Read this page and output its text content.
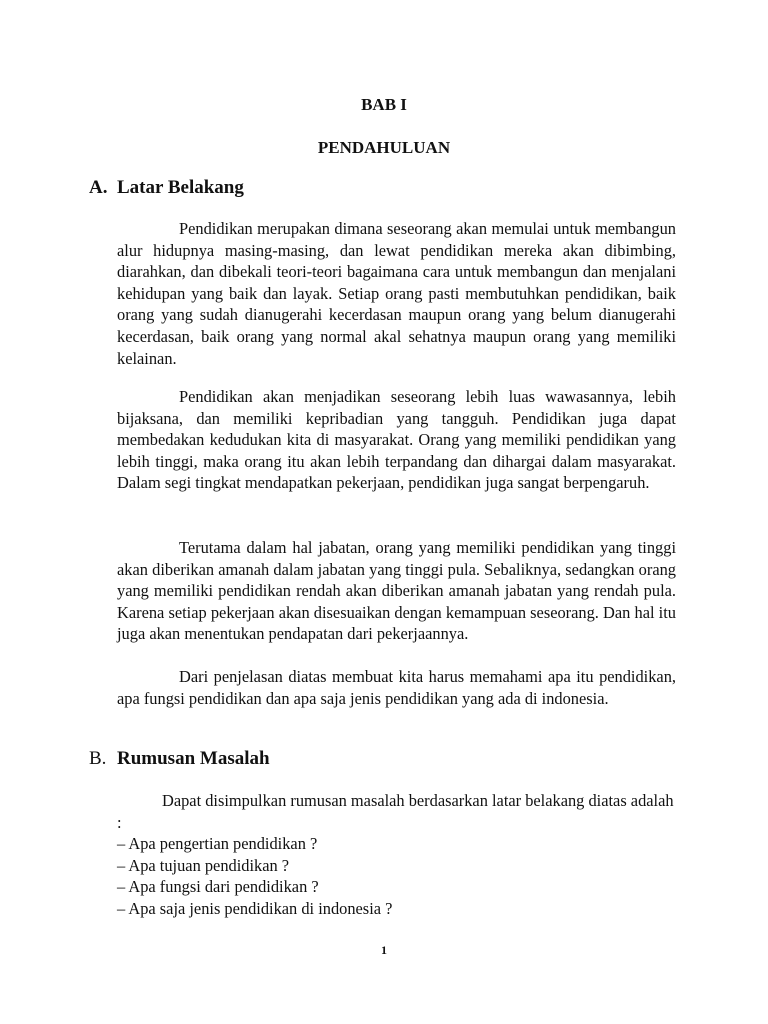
BAB I
PENDAHULUAN
A. Latar Belakang

Pendidikan merupakan dimana seseorang akan memulai untuk membangun alur hidupnya masing-masing, dan lewat pendidikan mereka akan dibimbing, diarahkan, dan dibekali teori-teori bagaimana cara untuk membangun dan menjalani kehidupan yang baik dan layak. Setiap orang pasti membutuhkan pendidikan, baik orang yang sudah dianugerahi kecerdasan maupun orang yang belum dianugerahi kecerdasan, baik orang yang normal akal sehatnya maupun orang yang memiliki kelainan.

Pendidikan akan menjadikan seseorang lebih luas wawasannya, lebih bijaksana, dan memiliki kepribadian yang tangguh. Pendidikan juga dapat membedakan kedudukan kita di masyarakat. Orang yang memiliki pendidikan yang lebih tinggi, maka orang itu akan lebih terpandang dan dihargai dalam masyarakat. Dalam segi tingkat mendapatkan pekerjaan, pendidikan juga sangat berpengaruh.

Terutama dalam hal jabatan, orang yang memiliki pendidikan yang tinggi akan diberikan amanah dalam jabatan yang tinggi pula. Sebaliknya, sedangkan orang yang memiliki pendidikan rendah akan diberikan amanah jabatan yang rendah pula. Karena setiap pekerjaan akan disesuaikan dengan kemampuan seseorang. Dan hal itu juga akan menentukan pendapatan dari pekerjaannya.

Dari penjelasan diatas membuat kita harus memahami apa itu pendidikan, apa fungsi pendidikan dan apa saja jenis pendidikan yang ada di indonesia.

B. Rumusan Masalah

Dapat disimpulkan rumusan masalah berdasarkan latar belakang diatas adalah :

– Apa pengertian pendidikan ?
– Apa tujuan pendidikan ?
– Apa fungsi dari pendidikan ?
– Apa saja jenis pendidikan di indonesia ?
1
